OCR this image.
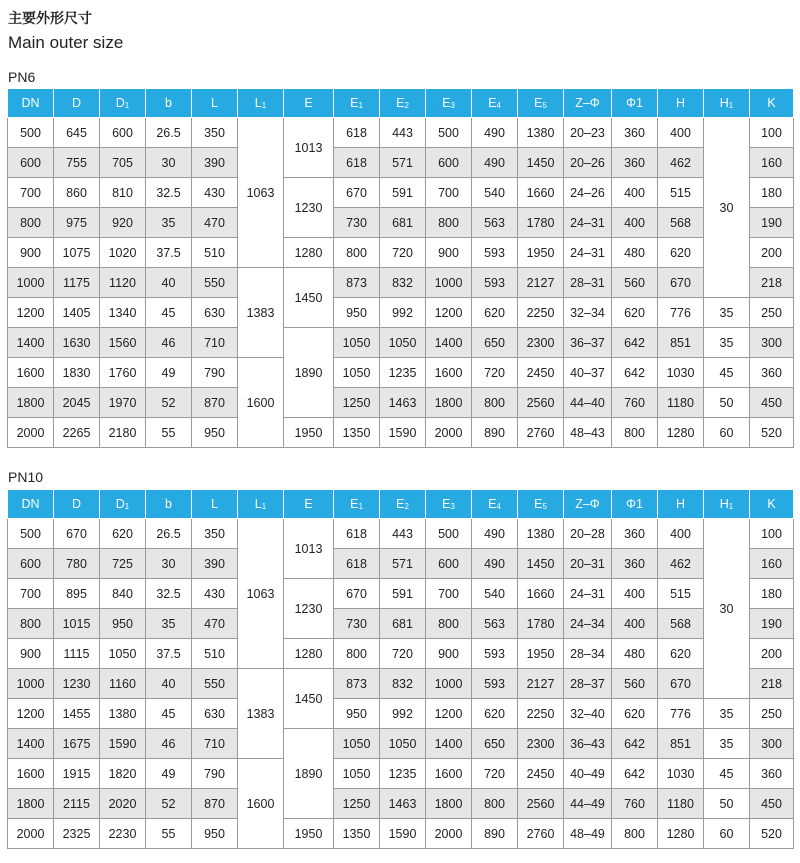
主要外形尺寸
Main outer size
PN6
DN	D	$D_1$	b	L	$L_1$	E	$E_1$	$E_2$	$E_3$	$E_4$	$E_5$	Z–Φ	Φ1	H	$H_1$	K
500	645	600	26.5	350	1063	1013	618	443	500	490	1380	20–23	360	400	30	100
600	755	705	30	390			618	571	600	490	1450	20–26	360	462		160
700	860	810	32.5	430		1230	670	591	700	540	1660	24–26	400	515		180
800	975	920	35	470			730	681	800	563	1780	24–31	400	568		190
900	1075	1020	37.5	510		1280	800	720	900	593	1950	24–31	480	620		200
1000	1175	1120	40	550	1383	1450	873	832	1000	593	2127	28–31	560	670		218
1200	1405	1340	45	630			950	992	1200	620	2250	32–34	620	776	35	250
1400	1630	1560	46	710		1890	1050	1050	1400	650	2300	36–37	642	851	35	300
1600	1830	1760	49	790	1600		1050	1235	1600	720	2450	40–37	642	1030	45	360
1800	2045	1970	52	870			1250	1463	1800	800	2560	44–40	760	1180	50	450
2000	2265	2180	55	950		1950	1350	1590	2000	890	2760	48–43	800	1280	60	520
PN10
DN	D	$D_1$	b	L	$L_1$	E	$E_1$	$E_2$	$E_3$	$E_4$	$E_5$	Z–Φ	Φ1	H	$H_1$	K
500	670	620	26.5	350	1063	1013	618	443	500	490	1380	20–28	360	400	30	100
600	780	725	30	390			618	571	600	490	1450	20–31	360	462		160
700	895	840	32.5	430		1230	670	591	700	540	1660	24–31	400	515		180
800	1015	950	35	470			730	681	800	563	1780	24–34	400	568		190
900	1115	1050	37.5	510		1280	800	720	900	593	1950	28–34	480	620		200
1000	1230	1160	40	550	1383	1450	873	832	1000	593	2127	28–37	560	670		218
1200	1455	1380	45	630			950	992	1200	620	2250	32–40	620	776	35	250
1400	1675	1590	46	710		1890	1050	1050	1400	650	2300	36–43	642	851	35	300
1600	1915	1820	49	790	1600		1050	1235	1600	720	2450	40–49	642	1030	45	360
1800	2115	2020	52	870			1250	1463	1800	800	2560	44–49	760	1180	50	450
2000	2325	2230	55	950		1950	1350	1590	2000	890	2760	48–49	800	1280	60	520
